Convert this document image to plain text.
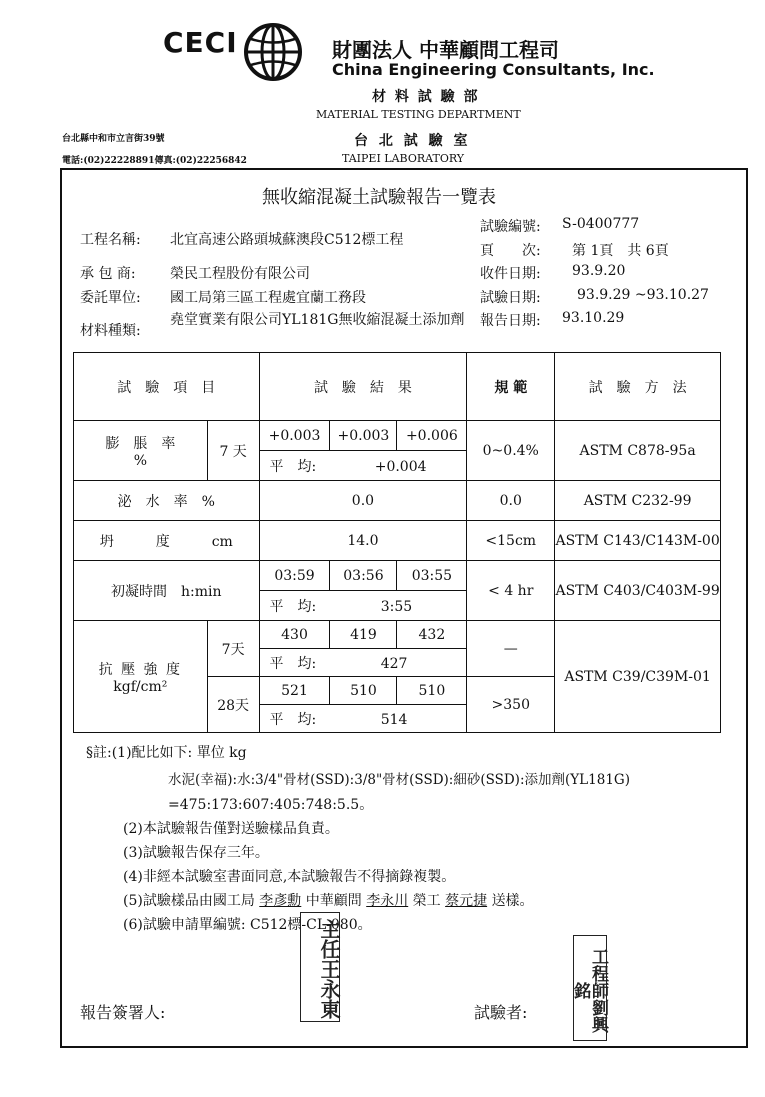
CECI	財團法人 中華顧問工程司
China Engineering Consultants, Inc.
材 料 試 驗 部
MATERIAL TESTING DEPARTMENT
台 北 試 驗 室
TAIPEI LABORATORY
台北縣中和市立言街39號
電話:(02)22228891傳真:(02)22256842
無收縮混凝土試驗報告一覽表
工程名稱: 北宜高速公路頭城蘇澳段C512標工程
承 包 商: 榮民工程股份有限公司
委託單位: 國工局第三區工程處宜蘭工務段
材料種類:
堯堂實業有限公司YL181G無收縮混凝土添加劑
試驗編號: S-0400777
頁　　次: 第 1頁　共 6頁
收件日期: 93.9.20
試驗日期:	93.9.29 ~93.10.27
報告日期: 93.10.29
試　驗　項　目		試　驗　結　果			規 範	試　驗　方　法

膨　脹　率
%	7 天	+0.003	+0.003	+0.006	0~0.4%	ASTM C878-95a
		平　均: +0.004				
泌　水　率　%		0.0			0.0	ASTM C232-99
坍　　　度　　　cm		14.0			<15cm	ASTM C143/C143M-00
初凝時間　h:min		03:59	03:56	03:55	< 4 hr	ASTM C403/C403M-99
		平　均: 3:55				

抗 壓 強 度
kgf/cm²	7天	430	419	432	—	ASTM C39/C39M-01
		平　均: 427				
	28天	521	510	510	>350	
		平　均: 514				
§註:(1)配比如下: 單位 kg
水泥(幸福):水:3/4"骨材(SSD):3/8"骨材(SSD):細砂(SSD):添加劑(YL181G)
=475:173:607:405:748:5.5。
(2)本試驗報告僅對送驗樣品負責。
(3)試驗報告保存三年。
(4)非經本試驗室書面同意,本試驗報告不得摘錄複製。
(5)試驗樣品由國工局 李彥勳 中華顧問 李永川 榮工 蔡元捷 送樣。
(6)試驗申請單編號: C512標-CL-080。
報告簽署人:	試驗者:
主任王永東	工程師劉興銘
